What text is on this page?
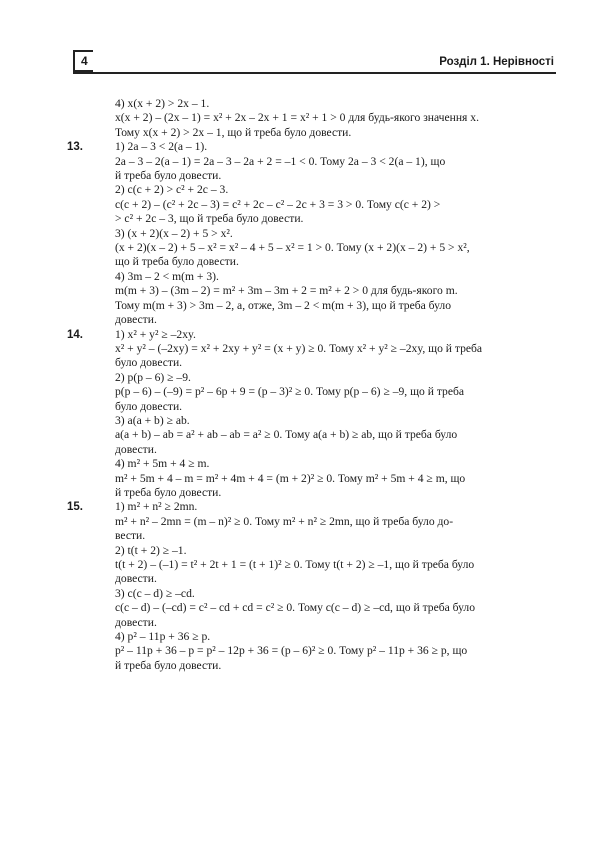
4	Розділ 1. Нерівності
4) x(x + 2) > 2x – 1.
x(x + 2) – (2x – 1) = x² + 2x – 2x + 1 = x² + 1 > 0 для будь-якого значення x.
Тому x(x + 2) > 2x – 1, що й треба було довести.
13.	1) 2a – 3 < 2(a – 1).
2a – 3 – 2(a – 1) = 2a – 3 – 2a + 2 = –1 < 0. Тому 2a – 3 < 2(a – 1), що
й треба було довести.
2) c(c + 2) > c² + 2c – 3.
c(c + 2) – (c² + 2c – 3) = c² + 2c – c² – 2c + 3 = 3 > 0. Тому c(c + 2) >
> c² + 2c – 3, що й треба було довести.
3) (x + 2)(x – 2) + 5 > x².
(x + 2)(x – 2) + 5 – x² = x² – 4 + 5 – x² = 1 > 0. Тому (x + 2)(x – 2) + 5 > x²,
що й треба було довести.
4) 3m – 2 < m(m + 3).
m(m + 3) – (3m – 2) = m² + 3m – 3m + 2 = m² + 2 > 0 для будь-якого m.
Тому m(m + 3) > 3m – 2, а, отже, 3m – 2 < m(m + 3), що й треба було
довести.
14.	1) x² + y² ≥ –2xy.
x² + y² – (–2xy) = x² + 2xy + y² = (x + y) ≥ 0. Тому x² + y² ≥ –2xy, що й треба
було довести.
2) p(p – 6) ≥ –9.
p(p – 6) – (–9) = p² – 6p + 9 = (p – 3)² ≥ 0. Тому p(p – 6) ≥ –9, що й треба
було довести.
3) a(a + b) ≥ ab.
a(a + b) – ab = a² + ab – ab = a² ≥ 0. Тому a(a + b) ≥ ab, що й треба було
довести.
4) m² + 5m + 4 ≥ m.
m² + 5m + 4 – m = m² + 4m + 4 = (m + 2)² ≥ 0. Тому m² + 5m + 4 ≥ m, що
й треба було довести.
15.	1) m² + n² ≥ 2mn.
m² + n² – 2mn = (m – n)² ≥ 0. Тому m² + n² ≥ 2mn, що й треба було до-
вести.
2) t(t + 2) ≥ –1.
t(t + 2) – (–1) = t² + 2t + 1 = (t + 1)² ≥ 0. Тому t(t + 2) ≥ –1, що й треба було
довести.
3) c(c – d) ≥ –cd.
c(c – d) – (–cd) = c² – cd + cd = c² ≥ 0. Тому c(c – d) ≥ –cd, що й треба було
довести.
4) p² – 11p + 36 ≥ p.
p² – 11p + 36 – p = p² – 12p + 36 = (p – 6)² ≥ 0. Тому p² – 11p + 36 ≥ p, що
й треба було довести.
